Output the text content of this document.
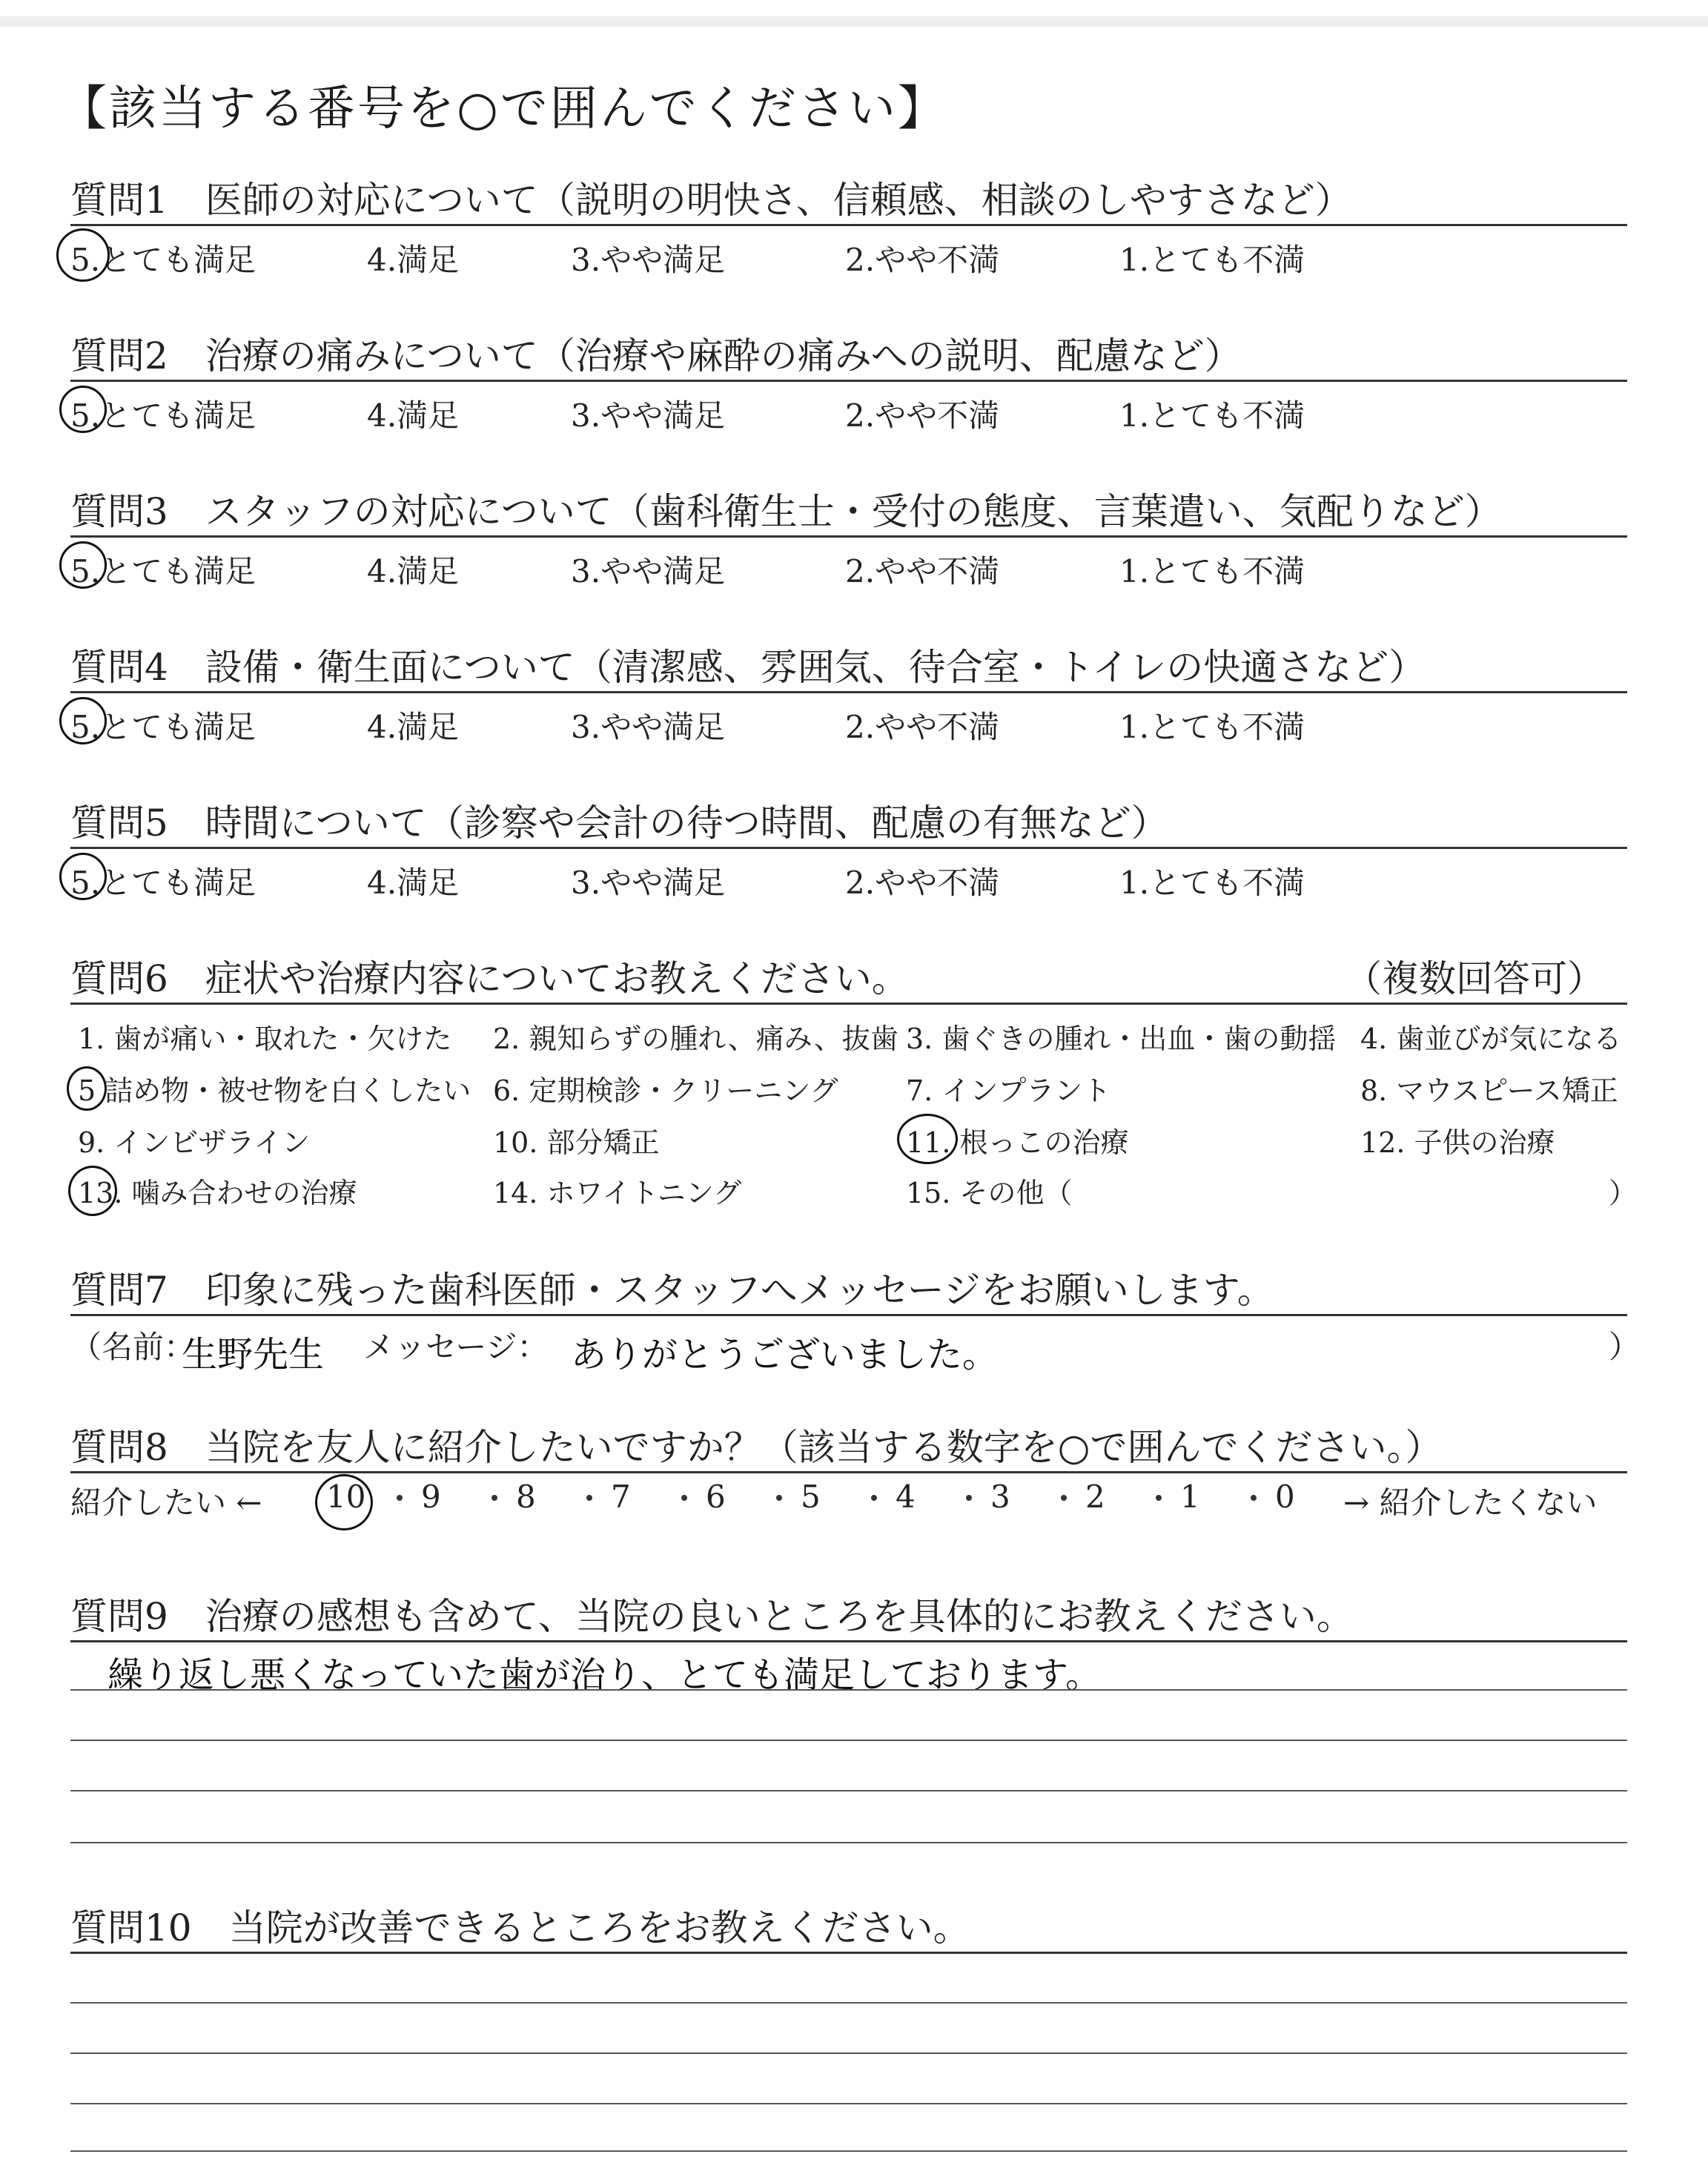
【該当する番号を○で囲んでください】
質問1　医師の対応について（説明の明快さ、信頼感、相談のしやすさなど）
5.とても満足	4.満足	3.やや満足	2.やや不満	1.とても不満
質問2　治療の痛みについて（治療や麻酔の痛みへの説明、配慮など）
5.とても満足	4.満足	3.やや満足	2.やや不満	1.とても不満
質問3　スタッフの対応について（歯科衛生士・受付の態度、言葉遣い、気配りなど）
5.とても満足	4.満足	3.やや満足	2.やや不満	1.とても不満
質問4　設備・衛生面について（清潔感、雰囲気、待合室・トイレの快適さなど）
5.とても満足	4.満足	3.やや満足	2.やや不満	1.とても不満
質問5　時間について（診察や会計の待つ時間、配慮の有無など）
5.とても満足	4.満足	3.やや満足	2.やや不満	1.とても不満
質問6　症状や治療内容についてお教えください。	（複数回答可）
1. 歯が痛い・取れた・欠けた 2. 親知らずの腫れ、痛み、抜歯 3. 歯ぐきの腫れ・出血・歯の動揺 4. 歯並びが気になる
5 詰め物・被せ物を白くしたい 6. 定期検診・クリーニング 7. インプラント	8. マウスピース矯正
9. インビザライン	10. 部分矯正	11. 根っこの治療	12. 子供の治療
13. 噛み合わせの治療	14. ホワイトニング	15. その他（	）
質問7　印象に残った歯科医師・スタッフへメッセージをお願いします。
（名前：
生野先生 メッセージ： ありがとうございました。	）
質問8　当院を友人に紹介したいですか？（該当する数字を○で囲んでください。）
紹介したい ← 10 9 8 7 6 5 4 3 2 1 0 → 紹介したくない
質問9　治療の感想も含めて、当院の良いところを具体的にお教えください。
繰り返し悪くなっていた歯が治り、とても満足しております。
質問10　当院が改善できるところをお教えください。
